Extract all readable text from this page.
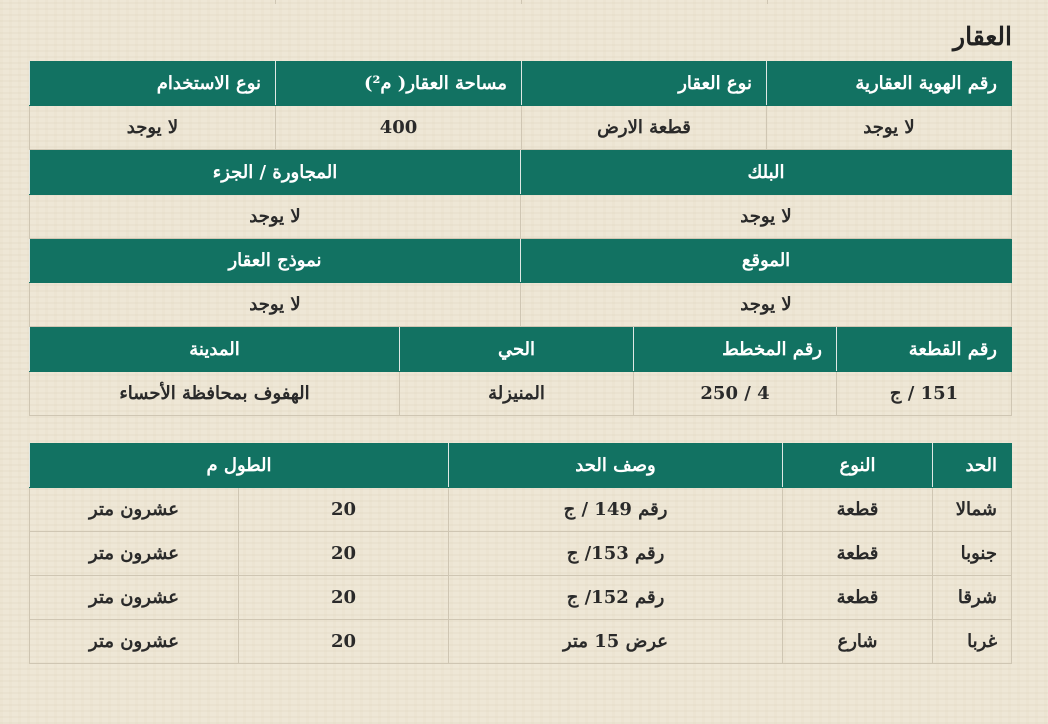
العقار
رقم الهوية العقارية	نوع العقار	مساحة العقار( م²)	نوع الاستخدام
لا يوجد	قطعة الارض	400	لا يوجد
البلك	المجاورة / الجزء
لا يوجد	لا يوجد
الموقع	نموذج العقار
لا يوجد	لا يوجد
رقم القطعة	رقم المخطط	الحي	المدينة
151 / ج	4 / 250	المنيزلة	الهفوف بمحافظة الأحساء
الحد	النوع	وصف الحد	الطول م	
شمالا	قطعة	رقم 149 / ج	20	عشرون متر
جنوبا	قطعة	رقم 153/ ج	20	عشرون متر
شرقا	قطعة	رقم 152/ ج	20	عشرون متر
غربا	شارع	عرض 15 متر	20	عشرون متر
